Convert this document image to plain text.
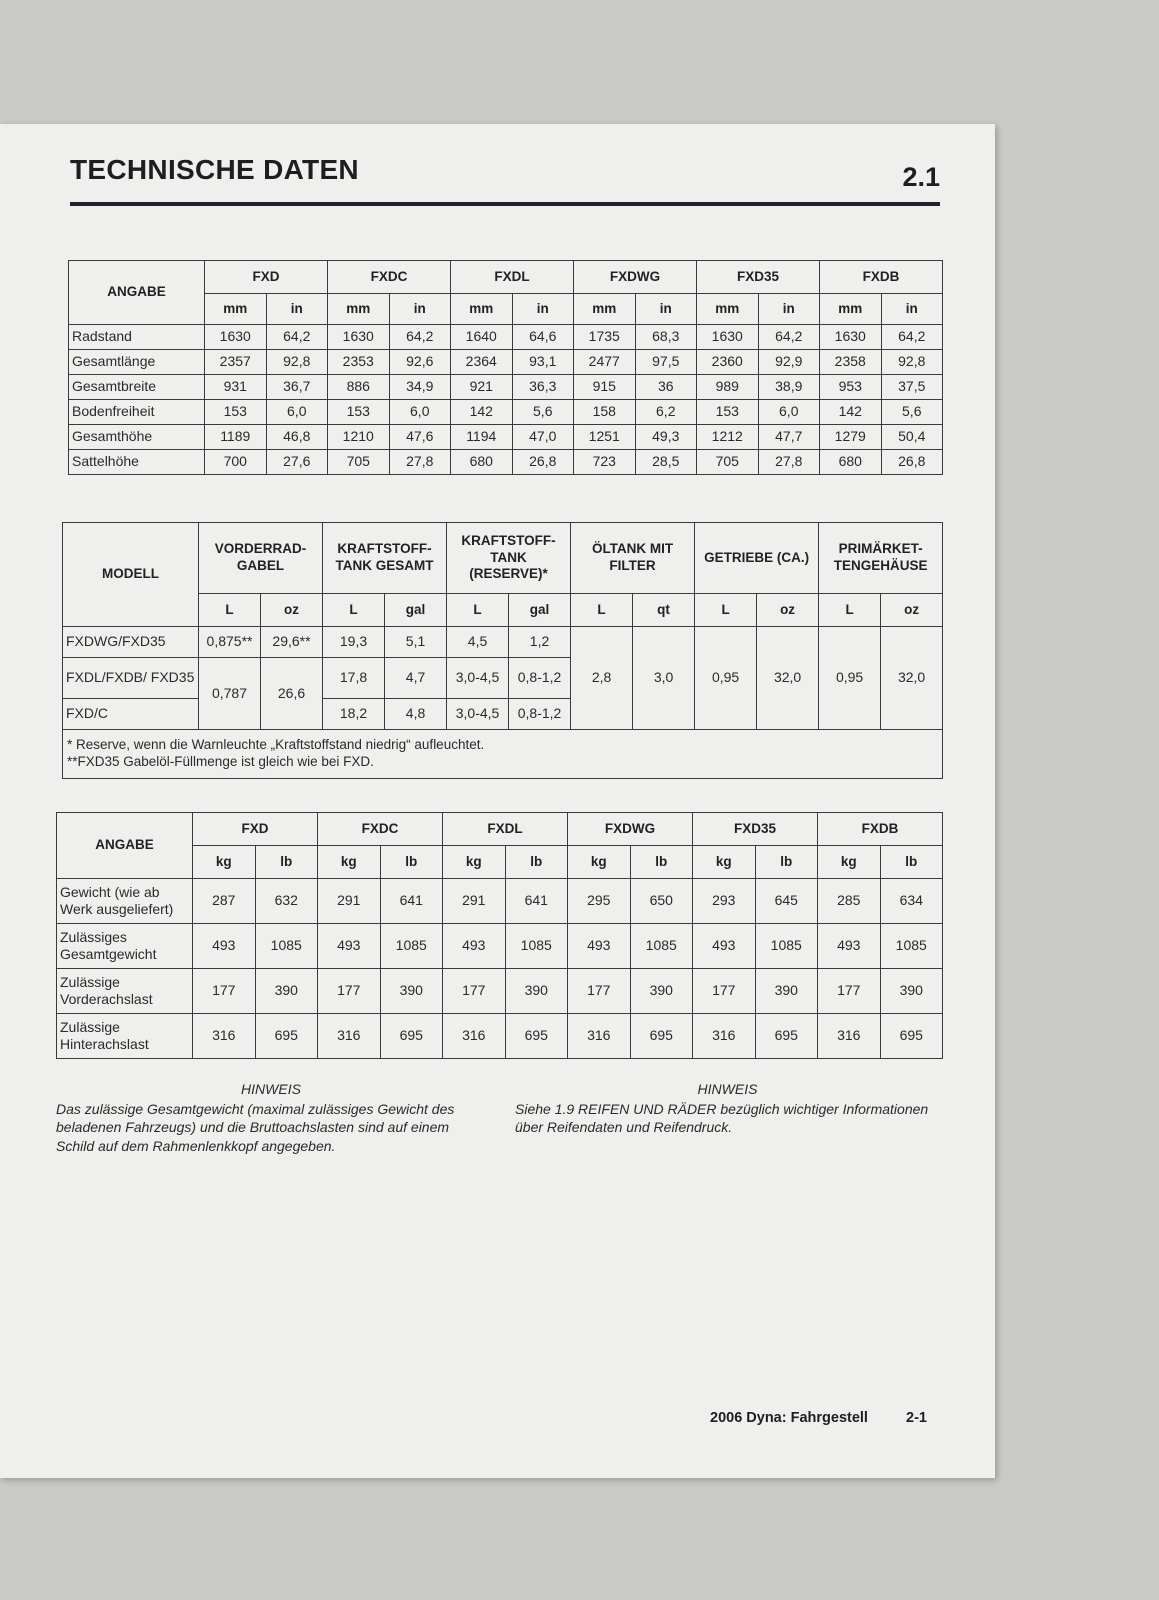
TECHNISCHE DATEN	2.1
ANGABE	FXD		FXDC		FXDL		FXDWG		FXD35		FXDB	
	mm	in	mm	in	mm	in	mm	in	mm	in	mm	in
Radstand	1630	64,2	1630	64,2	1640	64,6	1735	68,3	1630	64,2	1630	64,2
Gesamtlänge	2357	92,8	2353	92,6	2364	93,1	2477	97,5	2360	92,9	2358	92,8
Gesamtbreite	931	36,7	886	34,9	921	36,3	915	36	989	38,9	953	37,5
Bodenfreiheit	153	6,0	153	6,0	142	5,6	158	6,2	153	6,0	142	5,6
Gesamthöhe	1189	46,8	1210	47,6	1194	47,0	1251	49,3	1212	47,7	1279	50,4
Sattelhöhe	700	27,6	705	27,8	680	26,8	723	28,5	705	27,8	680	26,8
MODELL	VORDERRAD-GABEL		KRAFTSTOFF-TANK GESAMT		KRAFTSTOFF-TANK (RESERVE)*		ÖLTANK MIT FILTER		GETRIEBE (CA.)		PRIMÄRKET-TENGEHÄUSE	
	L	oz	L	gal	L	gal	L	qt	L	oz	L	oz
FXDWG/FXD35	0,875**	29,6**	19,3	5,1	4,5	1,2	2,8	3,0	0,95	32,0	0,95	32,0
FXDL/FXDB/ FXD35	0,787	26,6	17,8	4,7	3,0-4,5	0,8-1,2						
FXD/C			18,2	4,8	3,0-4,5	0,8-1,2						

* Reserve, wenn die Warnleuchte „Kraftstoffstand niedrig“ aufleuchtet.
**FXD35 Gabelöl-Füllmenge ist gleich wie bei FXD.												
ANGABE	FXD		FXDC		FXDL		FXDWG		FXD35		FXDB	
	kg	lb	kg	lb	kg	lb	kg	lb	kg	lb	kg	lb
Gewicht (wie ab Werk ausgeliefert)	287	632	291	641	291	641	295	650	293	645	285	634
Zulässiges Gesamtgewicht	493	1085	493	1085	493	1085	493	1085	493	1085	493	1085
Zulässige Vorderachslast	177	390	177	390	177	390	177	390	177	390	177	390
Zulässige Hinterachslast	316	695	316	695	316	695	316	695	316	695	316	695
HINWEIS
Das zulässige Gesamtgewicht (maximal zulässiges Gewicht des beladenen Fahrzeugs) und die Bruttoachslasten sind auf einem Schild auf dem Rahmenlenkkopf angegeben.
HINWEIS
Siehe 1.9 REIFEN UND RÄDER bezüglich wichtiger Informationen über Reifendaten und Reifendruck.
2006 Dyna: Fahrgestell	2-1
